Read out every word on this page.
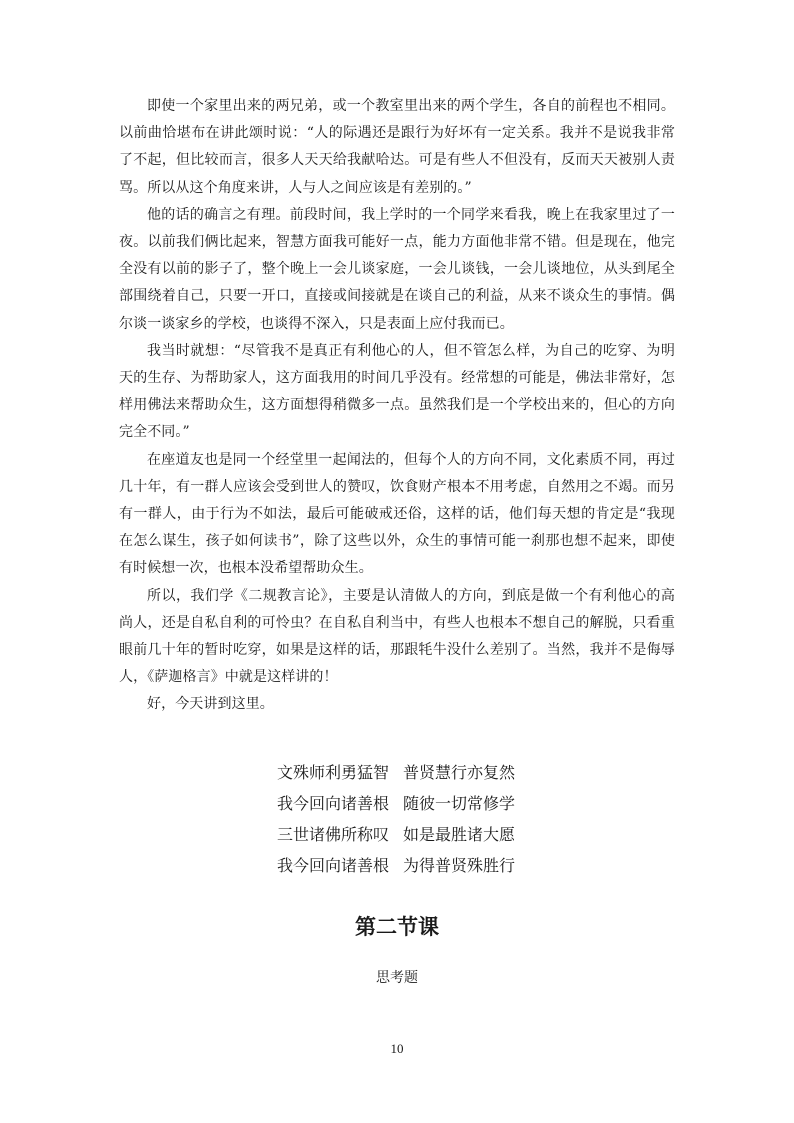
即使一个家里出来的两兄弟，或一个教室里出来的两个学生，各自的前程也不相同。以前曲恰堪布在讲此颂时说：“人的际遇还是跟行为好坏有一定关系。我并不是说我非常了不起，但比较而言，很多人天天给我献哈达。可是有些人不但没有，反而天天被别人责骂。所以从这个角度来讲，人与人之间应该是有差别的。”

他的话的确言之有理。前段时间，我上学时的一个同学来看我，晚上在我家里过了一夜。以前我们俩比起来，智慧方面我可能好一点，能力方面他非常不错。但是现在，他完全没有以前的影子了，整个晚上一会儿谈家庭，一会儿谈钱，一会儿谈地位，从头到尾全部围绕着自己，只要一开口，直接或间接就是在谈自己的利益，从来不谈众生的事情。偶尔谈一谈家乡的学校，也谈得不深入，只是表面上应付我而已。

我当时就想：“尽管我不是真正有利他心的人，但不管怎么样，为自己的吃穿、为明天的生存、为帮助家人，这方面我用的时间几乎没有。经常想的可能是，佛法非常好，怎样用佛法来帮助众生，这方面想得稍微多一点。虽然我们是一个学校出来的，但心的方向完全不同。”

在座道友也是同一个经堂里一起闻法的，但每个人的方向不同，文化素质不同，再过几十年，有一群人应该会受到世人的赞叹，饮食财产根本不用考虑，自然用之不竭。而另有一群人，由于行为不如法，最后可能破戒还俗，这样的话，他们每天想的肯定是“我现在怎么谋生，孩子如何读书”，除了这些以外，众生的事情可能一刹那也想不起来，即使有时候想一次，也根本没希望帮助众生。

所以，我们学《二规教言论》，主要是认清做人的方向，到底是做一个有利他心的高尚人，还是自私自利的可怜虫？在自私自利当中，有些人也根本不想自己的解脱，只看重眼前几十年的暂时吃穿，如果是这样的话，那跟牦牛没什么差别了。当然，我并不是侮辱人，《萨迦格言》中就是这样讲的！

好，今天讲到这里。

文殊师利勇猛智 普贤慧行亦复然
我今回向诸善根 随彼一切常修学
三世诸佛所称叹 如是最胜诸大愿
我今回向诸善根 为得普贤殊胜行
第二节课
思考题
10
